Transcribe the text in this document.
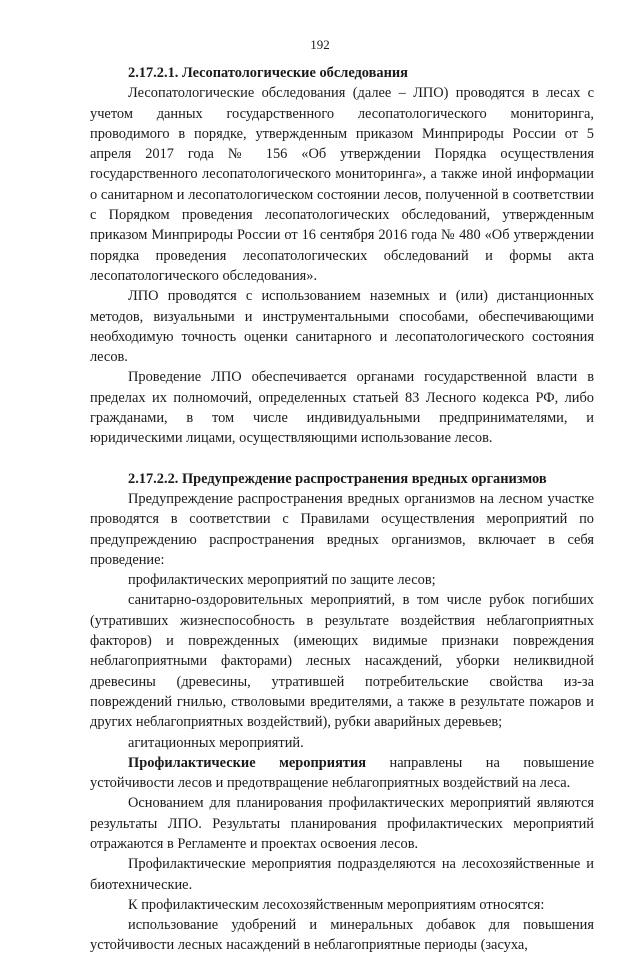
192
2.17.2.1. Лесопатологические обследования

Лесопатологические обследования (далее – ЛПО) проводятся в лесах с учетом данных государственного лесопатологического мониторинга, проводимого в порядке, утвержденным приказом Минприроды России от 5 апреля 2017 года № 156 «Об утверждении Порядка осуществления государственного лесопатологического мониторинга», а также иной информации о санитарном и лесопатологическом состоянии лесов, полученной в соответствии с Порядком проведения лесопатологических обследований, утвержденным приказом Минприроды России от 16 сентября 2016 года № 480 «Об утверждении порядка проведения лесопатологических обследований и формы акта лесопатологического обследования».

ЛПО проводятся с использованием наземных и (или) дистанционных методов, визуальными и инструментальными способами, обеспечивающими необходимую точность оценки санитарного и лесопатологического состояния лесов.

Проведение ЛПО обеспечивается органами государственной власти в пределах их полномочий, определенных статьей 83 Лесного кодекса РФ, либо гражданами, в том числе индивидуальными предпринимателями, и юридическими лицами, осуществляющими использование лесов.

2.17.2.2. Предупреждение распространения вредных организмов

Предупреждение распространения вредных организмов на лесном участке проводятся в соответствии с Правилами осуществления мероприятий по предупреждению распространения вредных организмов, включает в себя проведение:

профилактических мероприятий по защите лесов;

санитарно-оздоровительных мероприятий, в том числе рубок погибших (утративших жизнеспособность в результате воздействия неблагоприятных факторов) и поврежденных (имеющих видимые признаки повреждения неблагоприятными факторами) лесных насаждений, уборки неликвидной древесины (древесины, утратившей потребительские свойства из-за повреждений гнилью, стволовыми вредителями, а также в результате пожаров и других неблагоприятных воздействий), рубки аварийных деревьев;

агитационных мероприятий.

Профилактические мероприятия направлены на повышение устойчивости лесов и предотвращение неблагоприятных воздействий на леса.

Основанием для планирования профилактических мероприятий являются результаты ЛПО. Результаты планирования профилактических мероприятий отражаются в Регламенте и проектах освоения лесов.

Профилактические мероприятия подразделяются на лесохозяйственные и биотехнические.

К профилактическим лесохозяйственным мероприятиям относятся:

использование удобрений и минеральных добавок для повышения устойчивости лесных насаждений в неблагоприятные периоды (засуха,
